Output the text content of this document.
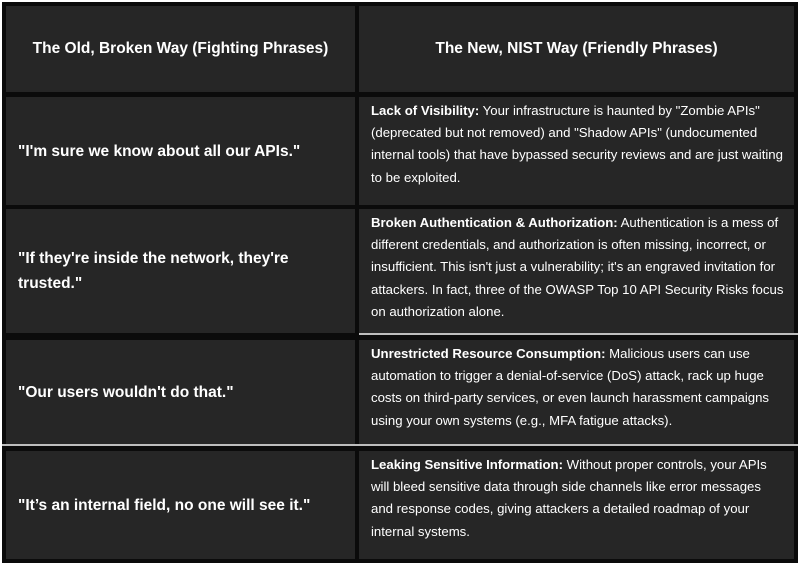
The Old, Broken Way (Fighting Phrases)	The New, NIST Way (Friendly Phrases)
"I'm sure we know about all our APIs."
Lack of Visibility: Your infrastructure is haunted by "Zombie APIs" (deprecated but not removed) and "Shadow APIs" (undocumented internal tools) that have bypassed security reviews and are just waiting to be exploited.
"If they're inside the network, they're trusted."
Broken Authentication & Authorization: Authentication is a mess of different credentials, and authorization is often missing, incorrect, or insufficient. This isn't just a vulnerability; it's an engraved invitation for attackers. In fact, three of the OWASP Top 10 API Security Risks focus on authorization alone.
"Our users wouldn't do that."
Unrestricted Resource Consumption: Malicious users can use automation to trigger a denial-of-service (DoS) attack, rack up huge costs on third-party services, or even launch harassment campaigns using your own systems (e.g., MFA fatigue attacks).
"It’s an internal field, no one will see it."
Leaking Sensitive Information: Without proper controls, your APIs will bleed sensitive data through side channels like error messages and response codes, giving attackers a detailed roadmap of your internal systems.
